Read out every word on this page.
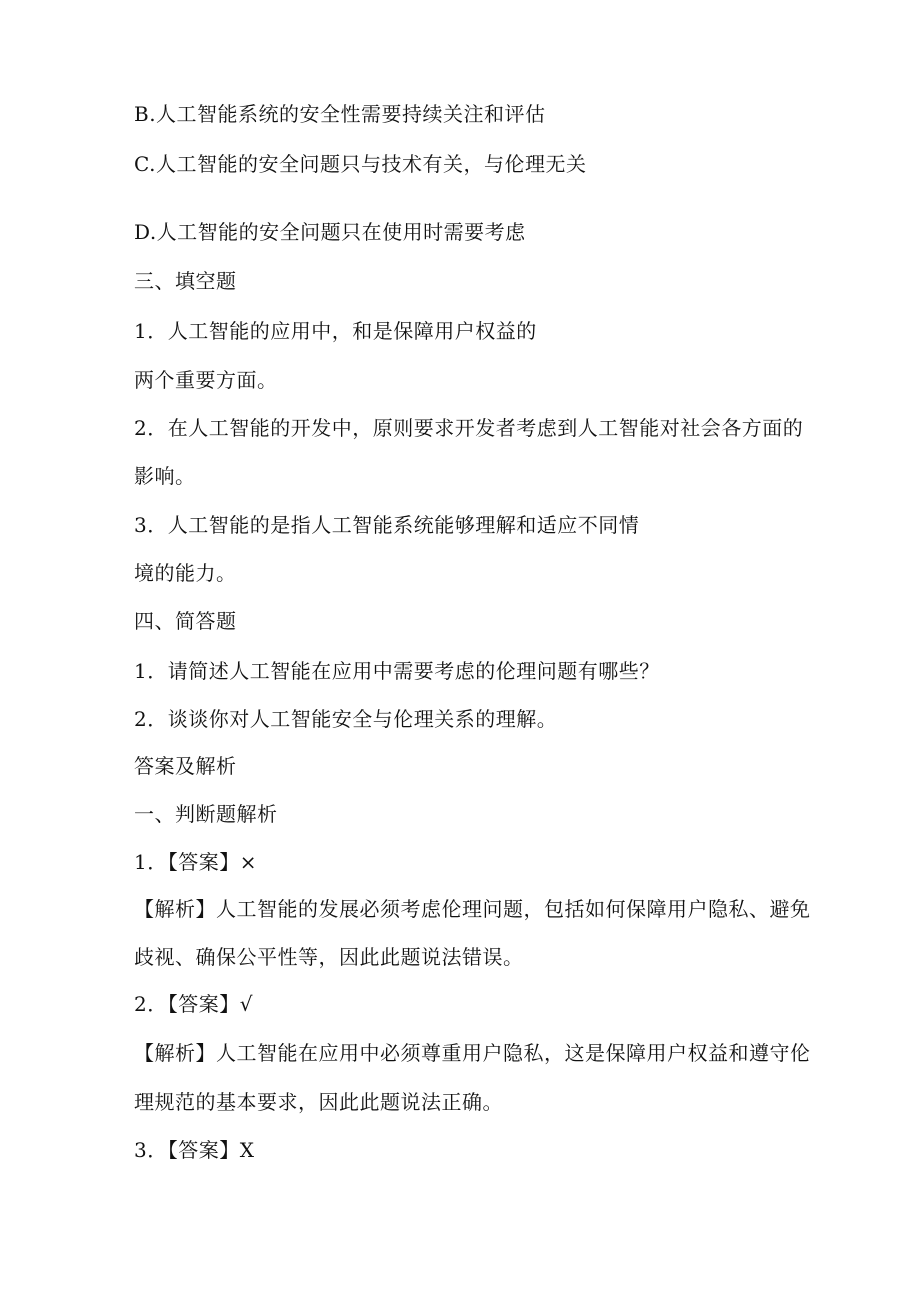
B.人工智能系统的安全性需要持续关注和评估
C.人工智能的安全问题只与技术有关，与伦理无关
D.人工智能的安全问题只在使用时需要考虑
三、填空题
1．人工智能的应用中，和是保障用户权益的
两个重要方面。
2．在人工智能的开发中，原则要求开发者考虑到人工智能对社会各方面的
影响。
3．人工智能的是指人工智能系统能够理解和适应不同情
境的能力。
四、简答题
1．请简述人工智能在应用中需要考虑的伦理问题有哪些？
2．谈谈你对人工智能安全与伦理关系的理解。
答案及解析
一、判断题解析
1．【答案】×
【解析】人工智能的发展必须考虑伦理问题，包括如何保障用户隐私、避免
歧视、确保公平性等，因此此题说法错误。
2．【答案】√
【解析】人工智能在应用中必须尊重用户隐私，这是保障用户权益和遵守伦
理规范的基本要求，因此此题说法正确。
3．【答案】X
